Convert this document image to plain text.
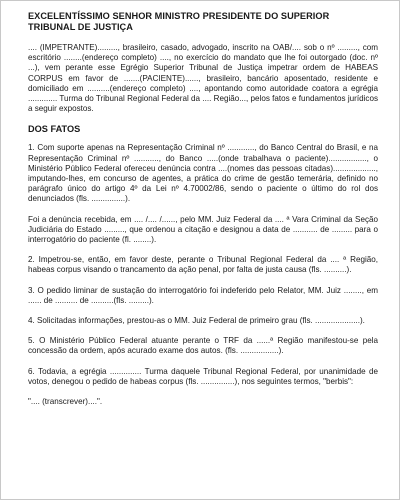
EXCELENTÍSSIMO SENHOR MINISTRO PRESIDENTE DO SUPERIOR TRIBUNAL DE JUSTIÇA

.... (IMPETRANTE)........., brasileiro, casado, advogado, inscrito na OAB/.... sob o nº ........., com escritório ........(endereço completo) ...., no exercício do mandato que lhe foi outorgado (doc. nº ...), vem perante esse Egrégio Superior Tribunal de Justiça impetrar ordem de HABEAS CORPUS em favor de .......(PACIENTE)......, brasileiro, bancário aposentado, residente e domiciliado em ..........(endereço completo) ...., apontando como autoridade coatora a egrégia ............. Turma do Tribunal Regional Federal da .... Região..., pelos fatos e fundamentos jurídicos a seguir expostos.

DOS FATOS

1. Com suporte apenas na Representação Criminal nº ............, do Banco Central do Brasil, e na Representação Criminal nº ..........., do Banco .....(onde trabalhava o paciente)................., o Ministério Público Federal ofereceu denúncia contra ....(nomes das pessoas citadas)..................., imputando-lhes, em concurso de agentes, a prática do crime de gestão temerária, definido no parágrafo único do artigo 4º da Lei nº 4.70002/86, sendo o paciente o último do rol dos denunciados (fls. ...............).

Foi a denúncia recebida, em .... /.... /......, pelo MM. Juiz Federal da .... ª Vara Criminal da Seção Judiciária do Estado ........., que ordenou a citação e designou a data de ........... de ......... para o interrogatório do paciente (fl. ........).

2. Impetrou-se, então, em favor deste, perante o Tribunal Regional Federal da .... ª Região, habeas corpus visando o trancamento da ação penal, por falta de justa causa (fls. ..........).

3. O pedido liminar de sustação do interrogatório foi indeferido pelo Relator, MM. Juiz ........, em ...... de .......... de ..........(fls. .........).

4. Solicitadas informações, prestou-as o MM. Juiz Federal de primeiro grau (fls. ....................).

5. O Ministério Público Federal atuante perante o TRF da ......ª Região manifestou-se pela concessão da ordem, após acurado exame dos autos. (fls. .................).

6. Todavia, a egrégia .............. Turma daquele Tribunal Regional Federal, por unanimidade de votos, denegou o pedido de habeas corpus (fls. ...............), nos seguintes termos, "berbis":

".... (transcrever)....".
